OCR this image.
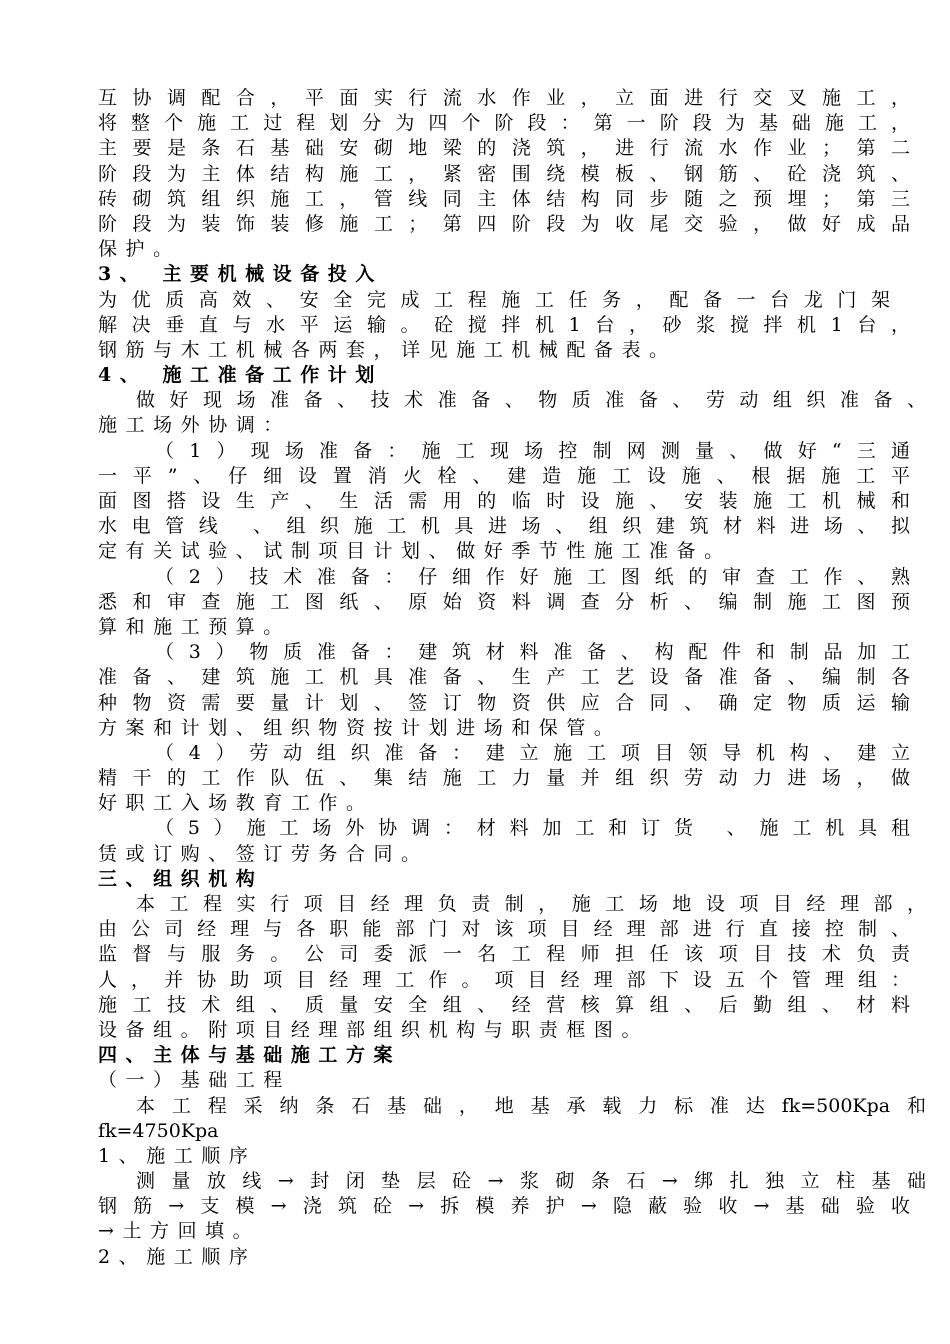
互协调配合，平面实行流水作业，立面进行交叉施工，
将整个施工过程划分为四个阶段：第一阶段为基础施工，
主要是条石基础安砌地梁的浇筑，进行流水作业；第二
阶段为主体结构施工，紧密围绕模板、钢筋、砼浇筑、
砖砌筑组织施工，管线同主体结构同步随之预埋；第三
阶段为装饰装修施工；第四阶段为收尾交验，做好成品
保护。
3、 主要机械设备投入
为优质高效、安全完成工程施工任务，配备一台龙门架
解决垂直与水平运输。砼搅拌机1台，砂浆搅拌机1台，
钢筋与木工机械各两套，详见施工机械配备表。
4、 施工准备工作计划
做好现场准备、技术准备、物质准备、劳动组织准备、
施工场外协调：
（1）现场准备：施工现场控制网测量、做好“三通
一平”、仔细设置消火栓、建造施工设施、根据施工平
面图搭设生产、生活需用的临时设施、安装施工机械和
水电管线 、组织施工机具进场、组织建筑材料进场、拟
定有关试验、试制项目计划、做好季节性施工准备。
（2）技术准备：仔细作好施工图纸的审查工作、熟
悉和审查施工图纸、原始资料调查分析、编制施工图预
算和施工预算。
（3）物质准备：建筑材料准备、构配件和制品加工
准备、建筑施工机具准备、生产工艺设备准备、编制各
种物资需要量计划、签订物资供应合同、确定物质运输
方案和计划、组织物资按计划进场和保管。
（4）劳动组织准备：建立施工项目领导机构、建立
精干的工作队伍、集结施工力量并组织劳动力进场，做
好职工入场教育工作。
（5）施工场外协调：材料加工和订货 、施工机具租
赁或订购、签订劳务合同。
三、组织机构
本工程实行项目经理负责制，施工场地设项目经理部，
由公司经理与各职能部门对该项目经理部进行直接控制、
监督与服务。公司委派一名工程师担任该项目技术负责
人，并协助项目经理工作。项目经理部下设五个管理组：
施工技术组、质量安全组、经营核算组、后勤组、材料
设备组。附项目经理部组织机构与职责框图。
四、主体与基础施工方案
（一）基础工程
本工程采纳条石基础，地基承载力标准达fk=500Kpa和
fk=4750Kpa
1、施工顺序
测量放线→封闭垫层砼→浆砌条石→绑扎独立柱基础
钢筋→支模→浇筑砼→拆模养护→隐蔽验收→基础验收
→土方回填。
2、施工顺序
